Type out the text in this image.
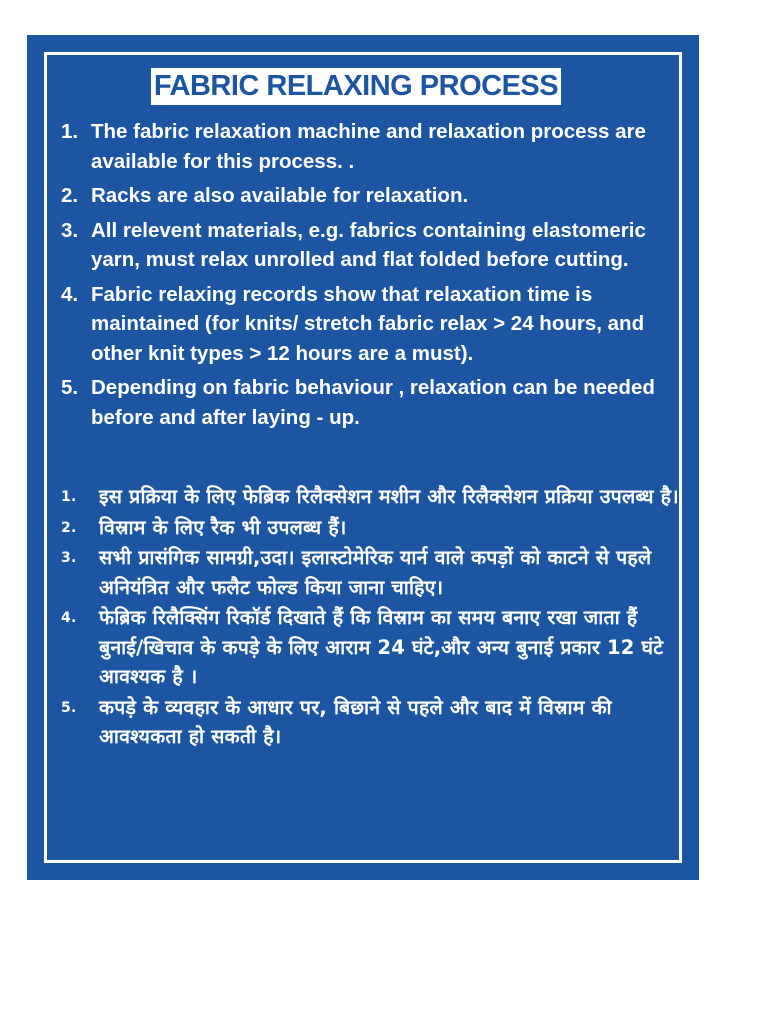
FABRIC RELAXING PROCESS
1. The fabric relaxation machine and relaxation process are available for this process. .
2. Racks are also available for relaxation.
3. All relevent materials, e.g. fabrics containing elastomeric yarn, must relax unrolled and flat folded before cutting.
4. Fabric relaxing records show that relaxation time is maintained (for knits/ stretch fabric relax > 24 hours, and other knit types > 12 hours are a must).
5. Depending on fabric behaviour , relaxation can be needed before and after laying - up.
1. इस प्रक्रिया के लिए फेब्रिक रिलैक्सेशन मशीन और रिलैक्सेशन प्रक्रिया उपलब्ध है।
2. विस्राम के लिए रैक भी उपलब्ध हैं।
3. सभी प्रासंगिक सामग्री,उदा। इलास्टोमेरिक यार्न वाले कपड़ों को काटने से पहले अनियंत्रित और फलैट फोल्ड किया जाना चाहिए।
4. फेब्रिक रिलैक्सिंग रिकॉर्ड दिखाते हैं कि विस्राम का समय बनाए रखा जाता हैं बुनाई/खिचाव के कपड़े के लिए आराम 24 घंटे,और अन्य बुनाई प्रकार 12 घंटे आवश्यक है ।
5. कपड़े के व्यवहार के आधार पर, बिछाने से पहले और बाद में विस्राम की आवश्यकता हो सकती है।
